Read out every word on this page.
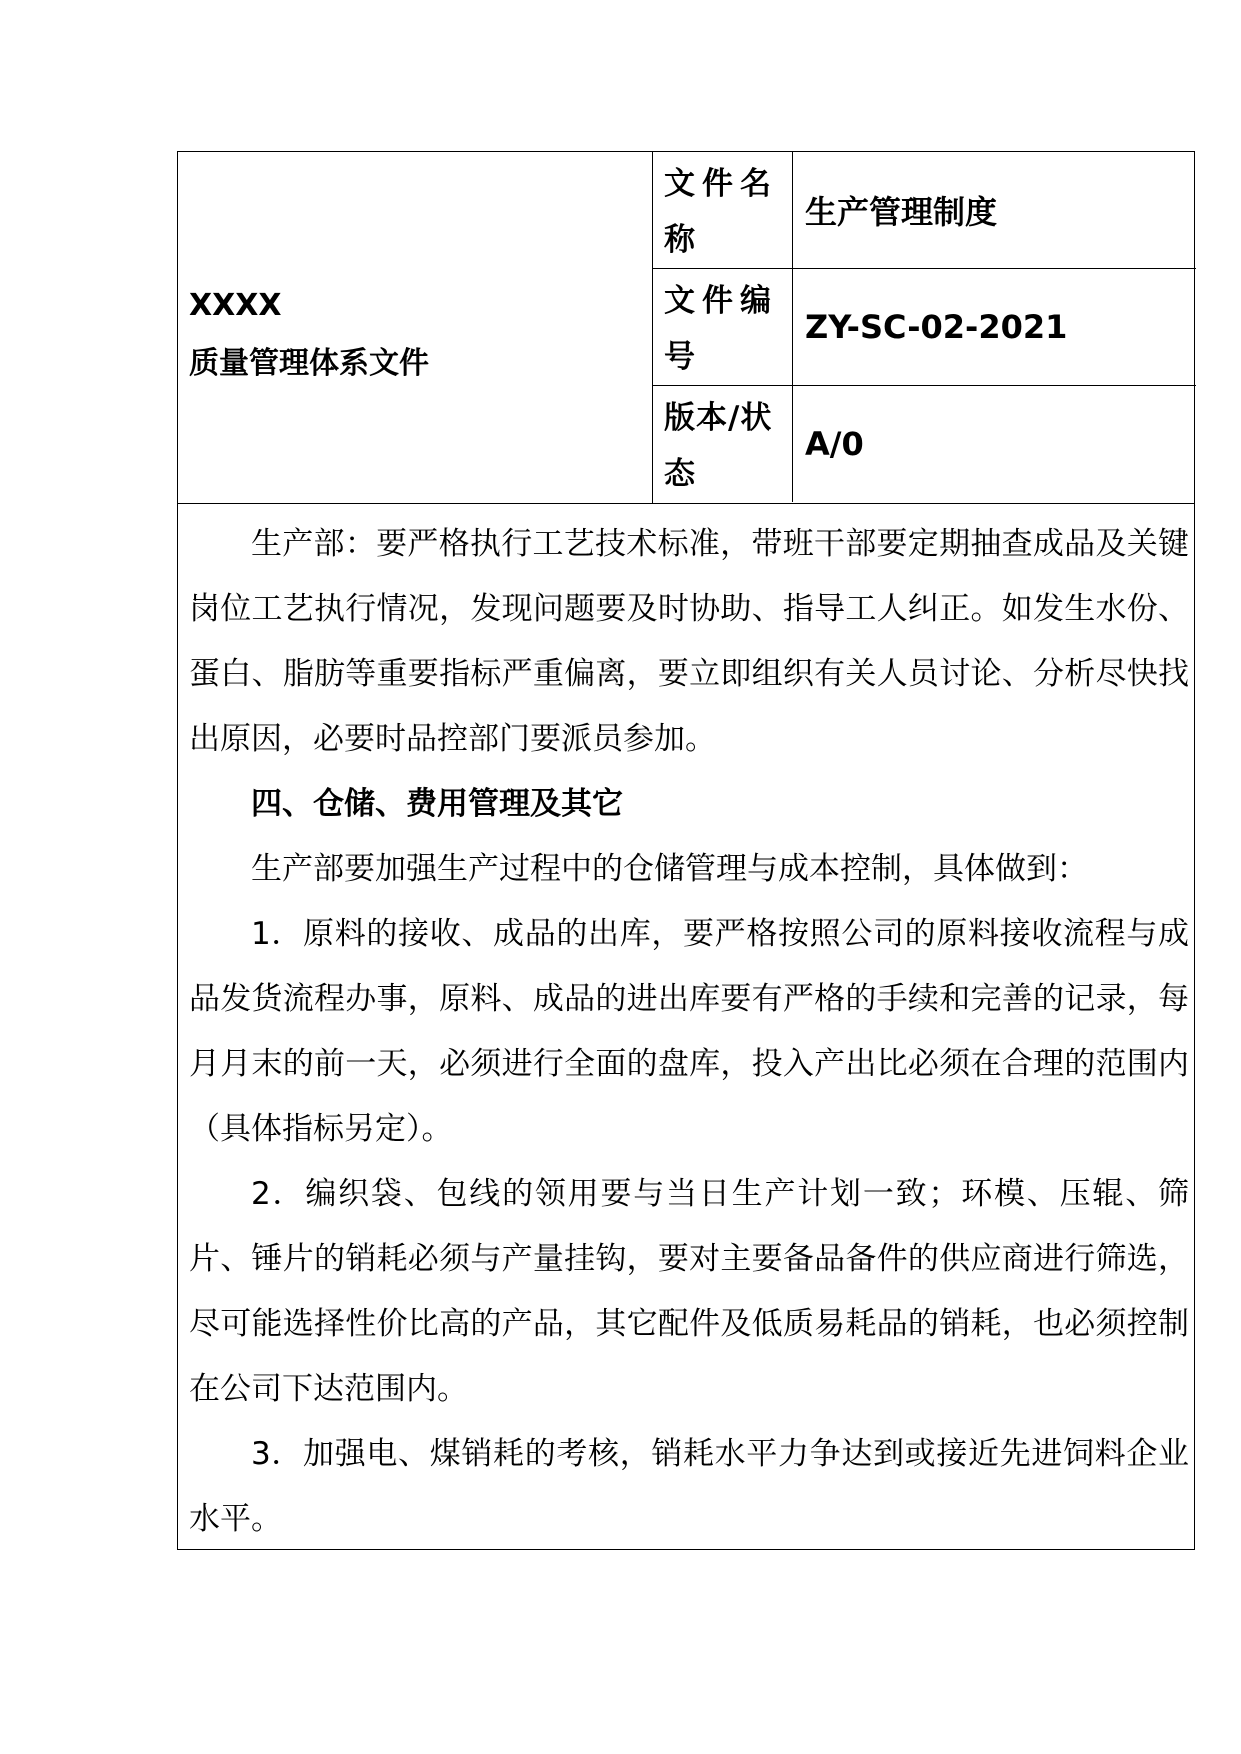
XXXX
质量管理体系文件
文件名称
生产管理制度
文件编号
ZY-SC-02-2021
版本/状态
A/0

生产部：要严格执行工艺技术标准，带班干部要定期抽查成品及关键岗位工艺执行情况，发现问题要及时协助、指导工人纠正。如发生水份、蛋白、脂肪等重要指标严重偏离，要立即组织有关人员讨论、分析尽快找出原因，必要时品控部门要派员参加。

四、仓储、费用管理及其它

生产部要加强生产过程中的仓储管理与成本控制，具体做到：

1．原料的接收、成品的出库，要严格按照公司的原料接收流程与成品发货流程办事，原料、成品的进出库要有严格的手续和完善的记录，每月月末的前一天，必须进行全面的盘库，投入产出比必须在合理的范围内（具体指标另定）。

2．编织袋、包线的领用要与当日生产计划一致；环模、压辊、筛片、锤片的销耗必须与产量挂钩，要对主要备品备件的供应商进行筛选，尽可能选择性价比高的产品，其它配件及低质易耗品的销耗，也必须控制在公司下达范围内。

3．加强电、煤销耗的考核，销耗水平力争达到或接近先进饲料企业水平。
